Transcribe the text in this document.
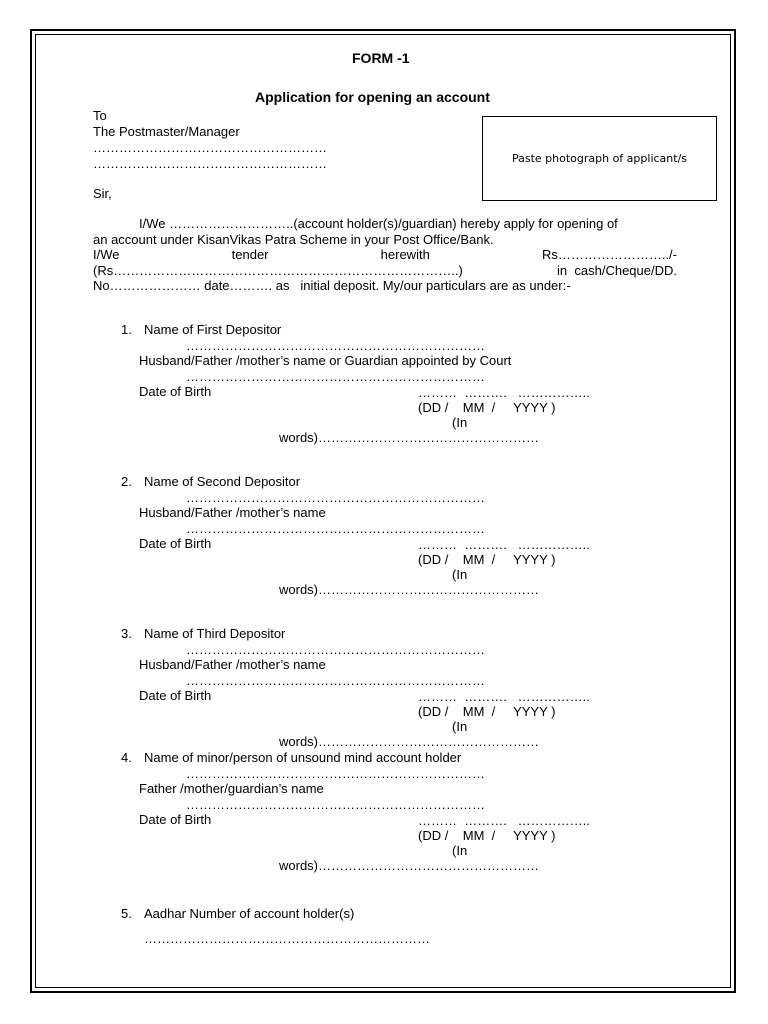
FORM -1
Application for opening an account
To
The Postmaster/Manager
………………………………………………
………………………………………………	Paste photograph of applicant/s
Sir,
I/We ………………………..(account holder(s)/guardian) hereby apply for opening of
an account under KisanVikas Patra Scheme in your Post Office/Bank.
I/We	tender	herewith	Rs……………………../-
(Rs……………………………………………………………………..)	in  cash/Cheque/DD.
No………………… date………. as   initial deposit. My/our particulars are as under:-
1. Name of First Depositor
……………………………………………………………
Husband/Father /mother’s name or Guardian appointed by Court
……………………………………………………………
Date of Birth	………  ……….   ……………..
(DD /    MM  /     YYYY )
(In
words)……………………………………………
2. Name of Second Depositor
……………………………………………………………
Husband/Father /mother’s name
……………………………………………………………
Date of Birth	………  ……….   ……………..
(DD /    MM  /     YYYY )
(In
words)……………………………………………
3. Name of Third Depositor
……………………………………………………………
Husband/Father /mother’s name
……………………………………………………………
Date of Birth	………  ……….   ……………..
(DD /    MM  /     YYYY )
(In
words)……………………………………………
4. Name of minor/person of unsound mind account holder
……………………………………………………………
Father /mother/guardian’s name
……………………………………………………………
Date of Birth	………  ……….   ……………..
(DD /    MM  /     YYYY )
(In
words)……………………………………………
5. Aadhar Number of account holder(s)
…………………………………………………………
